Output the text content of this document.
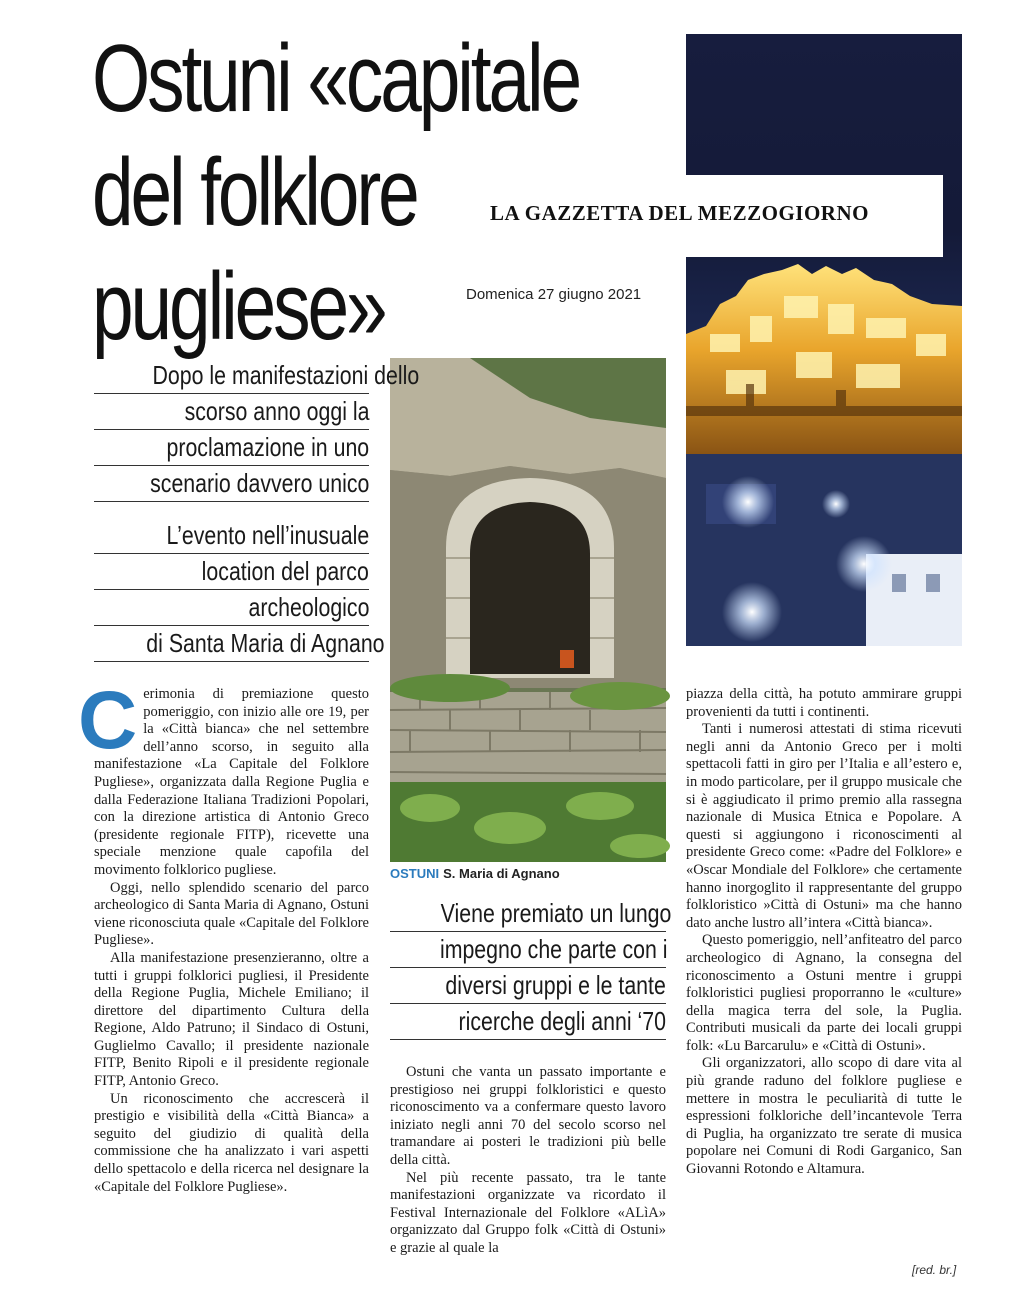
Ostuni «capitale
del folklore
pugliese»
LA GAZZETTA DEL MEZZOGIORNO
Domenica 27 giugno 2021
OSTUNI S. Maria di Agnano
Dopo le manifestazioni dello
scorso anno oggi la
proclamazione in uno
scenario davvero unico
L’evento nell’inusuale
location del parco
archeologico
di Santa Maria di Agnano
Viene premiato un lungo
impegno che parte con i
diversi gruppi e le tante
ricerche degli anni ‘70

Cerimonia di premiazione questo pomeriggio, con inizio alle ore 19, per la «Città bianca» che nel settembre dell’anno scorso, in seguito alla manifestazione «La Capitale del Folklore Pugliese», organizzata dalla Regione Puglia e dalla Federazione Italiana Tradizioni Popolari, con la direzione artistica di Antonio Greco (presidente regionale FITP), ricevette una speciale menzione quale capofila del movimento folklorico pugliese.

Oggi, nello splendido scenario del parco archeologico di Santa Maria di Agnano, Ostuni viene riconosciuta quale «Capitale del Folklore Pugliese».

Alla manifestazione presenzieranno, oltre a tutti i gruppi folklorici pugliesi, il Presidente della Regione Puglia, Michele Emiliano; il direttore del dipartimento Cultura della Regione, Aldo Patruno; il Sindaco di Ostuni, Guglielmo Cavallo; il presidente nazionale FITP, Benito Ripoli e il presidente regionale FITP, Antonio Greco.

Un riconoscimento che accrescerà il prestigio e visibilità della «Città Bianca» a seguito del giudizio di qualità della commissione che ha analizzato i vari aspetti dello spettacolo e della ricerca nel designare la «Capitale del Folklore Pugliese».

Ostuni che vanta un passato importante e prestigioso nei gruppi folkloristici e questo riconoscimento va a confermare questo lavoro iniziato negli anni 70 del secolo scorso nel tramandare ai posteri le tradizioni più belle della città.

Nel più recente passato, tra le tante manifestazioni organizzate va ricordato il Festival Internazionale del Folklore «ALìA» organizzato dal Gruppo folk «Città di Ostuni» e grazie al quale la

piazza della città, ha potuto ammirare gruppi provenienti da tutti i continenti.

Tanti i numerosi attestati di stima ricevuti negli anni da Antonio Greco per i molti spettacoli fatti in giro per l’Italia e all’estero e, in modo particolare, per il gruppo musicale che si è aggiudicato il primo premio alla rassegna nazionale di Musica Etnica e Popolare. A questi si aggiungono i riconoscimenti al presidente Greco come: «Padre del Folklore» e «Oscar Mondiale del Folklore» che certamente hanno inorgoglito il rappresentante del gruppo folkloristico »Città di Ostuni» ma che hanno dato anche lustro all’intera «Città bianca».

Questo pomeriggio, nell’anfiteatro del parco archeologico di Agnano, la consegna del riconoscimento a Ostuni mentre i gruppi folkloristici pugliesi proporranno le «culture» della magica terra del sole, la Puglia. Contributi musicali da parte dei locali gruppi folk: «Lu Barcarulu» e «Città di Ostuni».

Gli organizzatori, allo scopo di dare vita al più grande raduno del folklore pugliese e mettere in mostra le peculiarità di tutte le espressioni folkloriche dell’incantevole Terra di Puglia, ha organizzato tre serate di musica popolare nei Comuni di Rodi Garganico, San Giovanni Rotondo e Altamura.

[red. br.]
